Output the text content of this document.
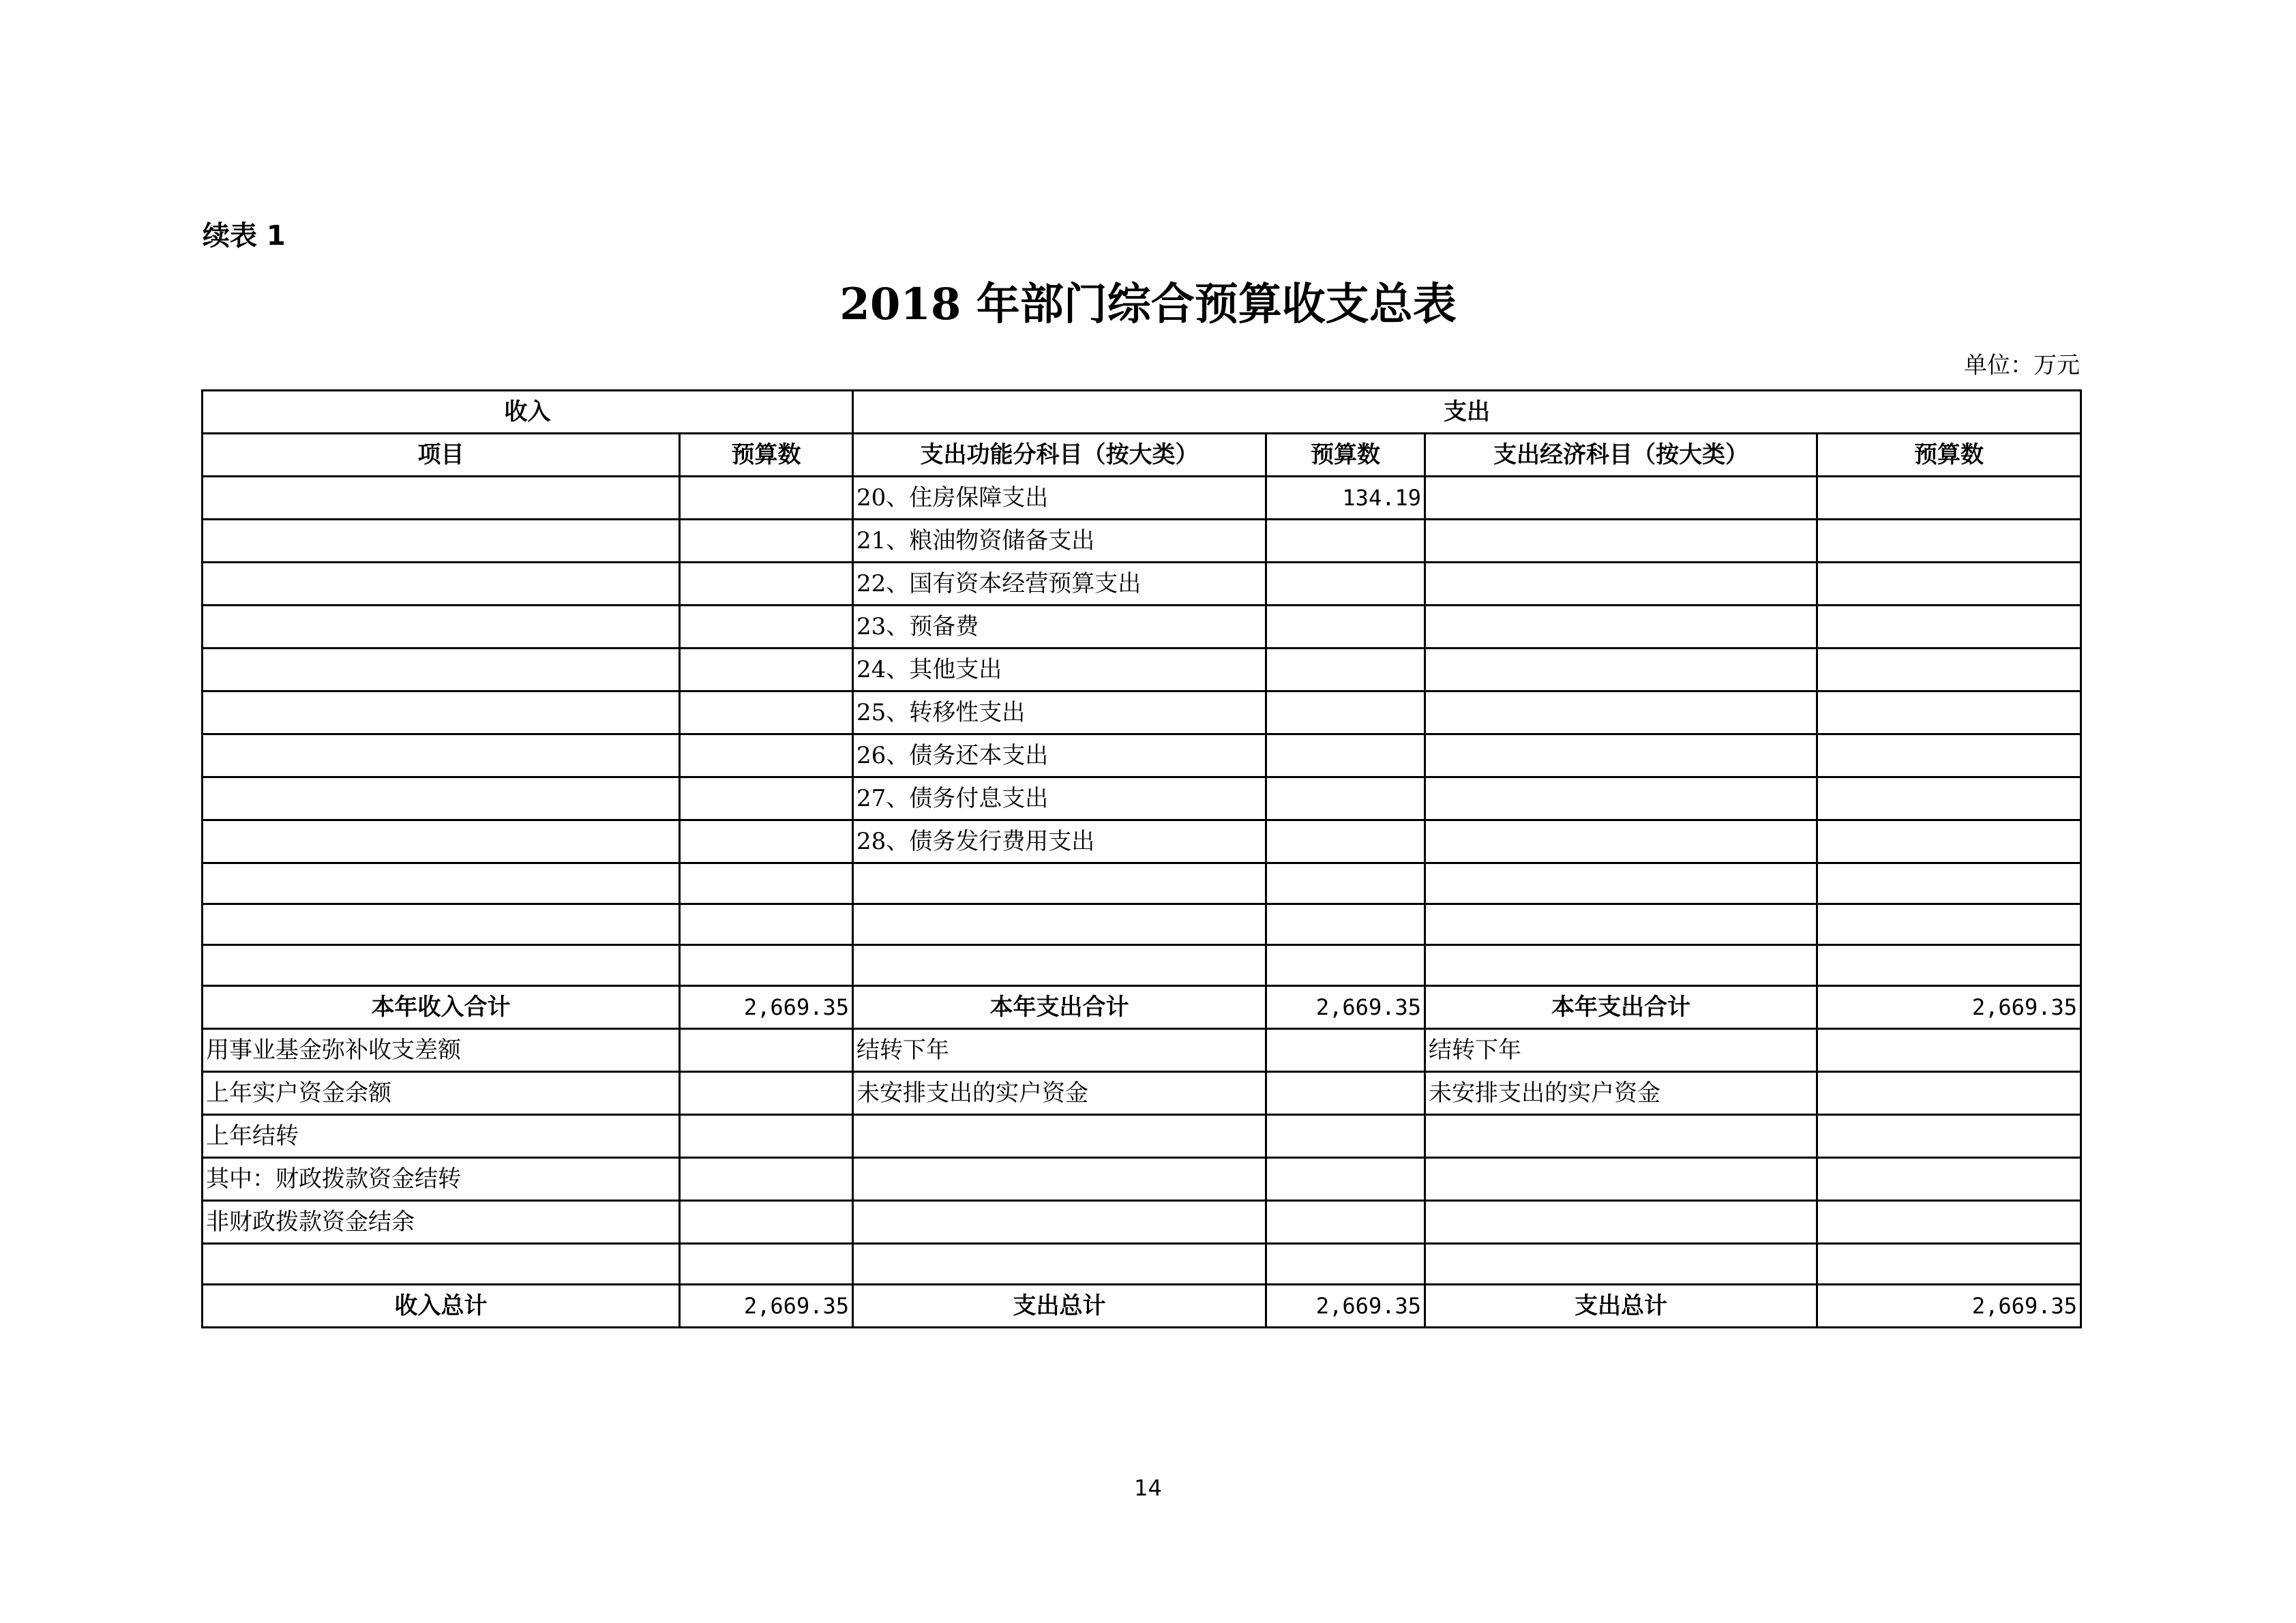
续表 1
2018 年部门综合预算收支总表
单位：万元
收入		支出			
项目	预算数	支出功能分科目（按大类）	预算数	支出经济科目（按大类）	预算数
		20、住房保障支出	134.19		
		21、粮油物资储备支出			
		22、国有资本经营预算支出			
		23、预备费			
		24、其他支出			
		25、转移性支出			
		26、债务还本支出			
		27、债务付息支出			
		28、债务发行费用支出			

本年收入合计	2,669.35	本年支出合计	2,669.35	本年支出合计	2,669.35
用事业基金弥补收支差额		结转下年		结转下年	
上年实户资金余额		未安排支出的实户资金		未安排支出的实户资金	
上年结转					
其中：财政拨款资金结转					
非财政拨款资金结余					

收入总计	2,669.35	支出总计	2,669.35	支出总计	2,669.35
14
